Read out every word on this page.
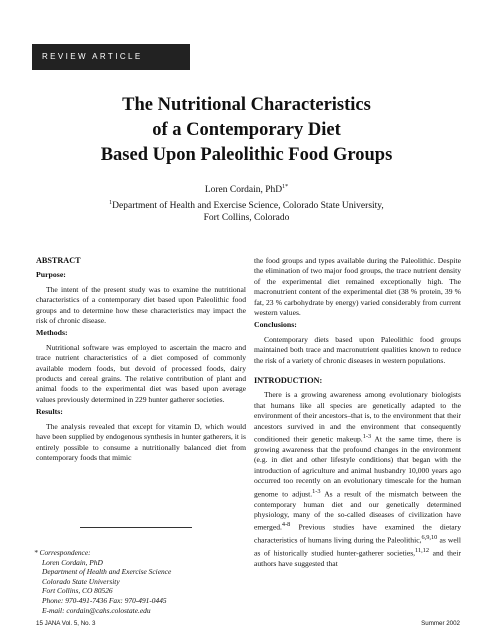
REVIEW ARTICLE
The Nutritional Characteristics
of a Contemporary Diet
Based Upon Paleolithic Food Groups
Loren Cordain, PhD$^{1*}$
$^1$Department of Health and Exercise Science, Colorado State University,
Fort Collins, Colorado

ABSTRACT

Purpose:

The intent of the present study was to examine the nutritional characteristics of a contemporary diet based upon Paleolithic food groups and to determine how these characteristics may impact the risk of chronic disease.

Methods:

Nutritional software was employed to ascertain the macro and trace nutrient characteristics of a diet composed of commonly available modern foods, but devoid of processed foods, dairy products and cereal grains. The relative contribution of plant and animal foods to the experimental diet was based upon average values previously determined in 229 hunter gatherer societies.

Results:

The analysis revealed that except for vitamin D, which would have been supplied by endogenous synthesis in hunter gatherers, it is entirely possible to consume a nutritionally balanced diet from contemporary foods that mimic

* Correspondence:
Loren Cordain, PhD
Department of Health and Exercise Science
Colorado State University
Fort Collins, CO 80526
Phone: 970-491-7436 Fax: 970-491-0445
E-mail: cordain@cahs.colostate.edu

the food groups and types available during the Paleolithic. Despite the elimination of two major food groups, the trace nutrient density of the experimental diet remained exceptionally high. The macronutrient content of the experimental diet (38 % protein, 39 % fat, 23 % carbohydrate by energy) varied considerably from current western values.

Conclusions:

Contemporary diets based upon Paleolithic food groups maintained both trace and macronutrient qualities known to reduce the risk of a variety of chronic diseases in western populations.

INTRODUCTION:

There is a growing awareness among evolutionary biologists that humans like all species are genetically adapted to the environment of their ancestors–that is, to the environment that their ancestors survived in and the environment that consequently conditioned their genetic makeup.$^{1-3}$ At the same time, there is growing awareness that the profound changes in the environment (e.g. in diet and other lifestyle conditions) that began with the introduction of agriculture and animal husbandry 10,000 years ago occurred too recently on an evolutionary timescale for the human genome to adjust.$^{1-3}$ As a result of the mismatch between the contemporary human diet and our genetically determined physiology, many of the so-called diseases of civilization have emerged.$^{4-8}$ Previous studies have examined the dietary characteristics of humans living during the Paleolithic,$^{6,9,10}$ as well as of historically studied hunter-gatherer societies,$^{11,12}$ and their authors have suggested that

15 JANA Vol. 5, No. 3	Summer 2002
